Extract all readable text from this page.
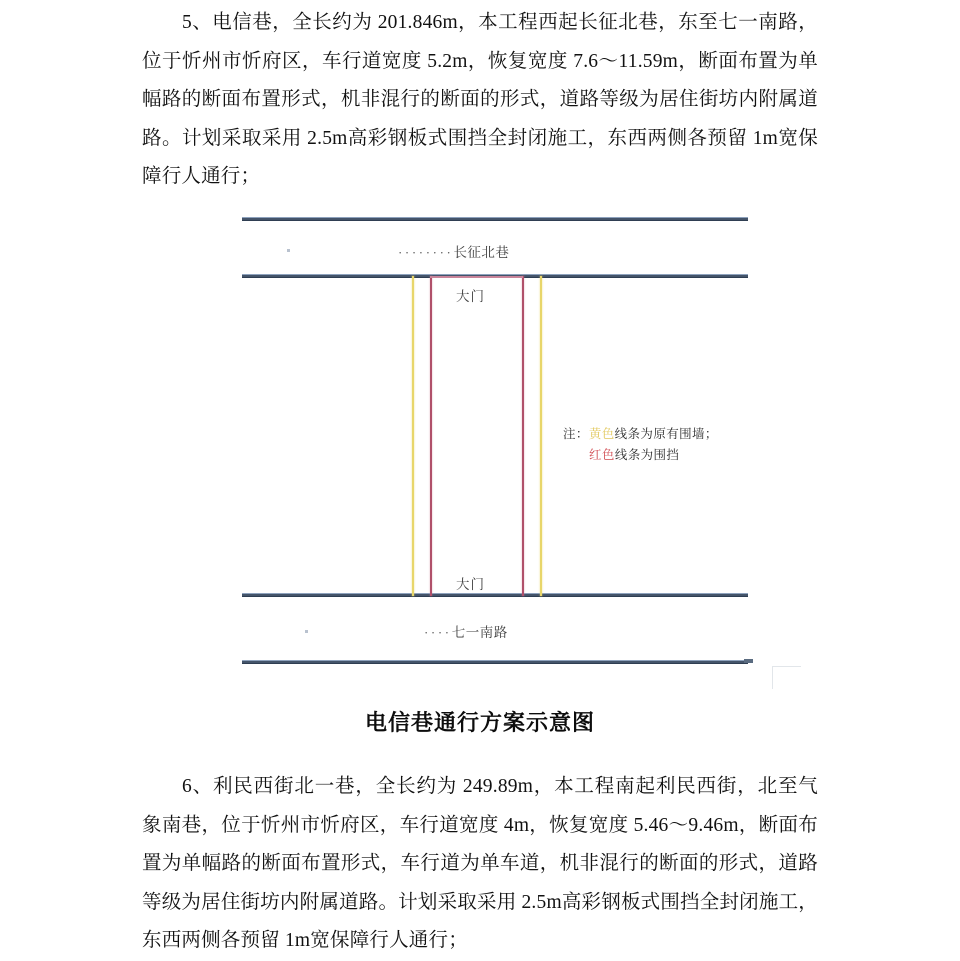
5、电信巷，全长约为 201.846m，本工程西起长征北巷，东至七一南路，位于忻州市忻府区，车行道宽度 5.2m，恢复宽度 7.6～11.59m，断面布置为单幅路的断面布置形式，机非混行的断面的形式，道路等级为居住街坊内附属道路。计划采取采用 2.5m高彩钢板式围挡全封闭施工，东西两侧各预留 1m宽保障行人通行；
········长征北巷
····七一南路
大门
大门
注：黄色线条为原有围墙；
红色线条为围挡
电信巷通行方案示意图
6、利民西街北一巷，全长约为 249.89m，本工程南起利民西街，北至气象南巷，位于忻州市忻府区，车行道宽度 4m，恢复宽度 5.46～9.46m，断面布置为单幅路的断面布置形式，车行道为单车道，机非混行的断面的形式，道路等级为居住街坊内附属道路。计划采取采用 2.5m高彩钢板式围挡全封闭施工，东西两侧各预留 1m宽保障行人通行；
